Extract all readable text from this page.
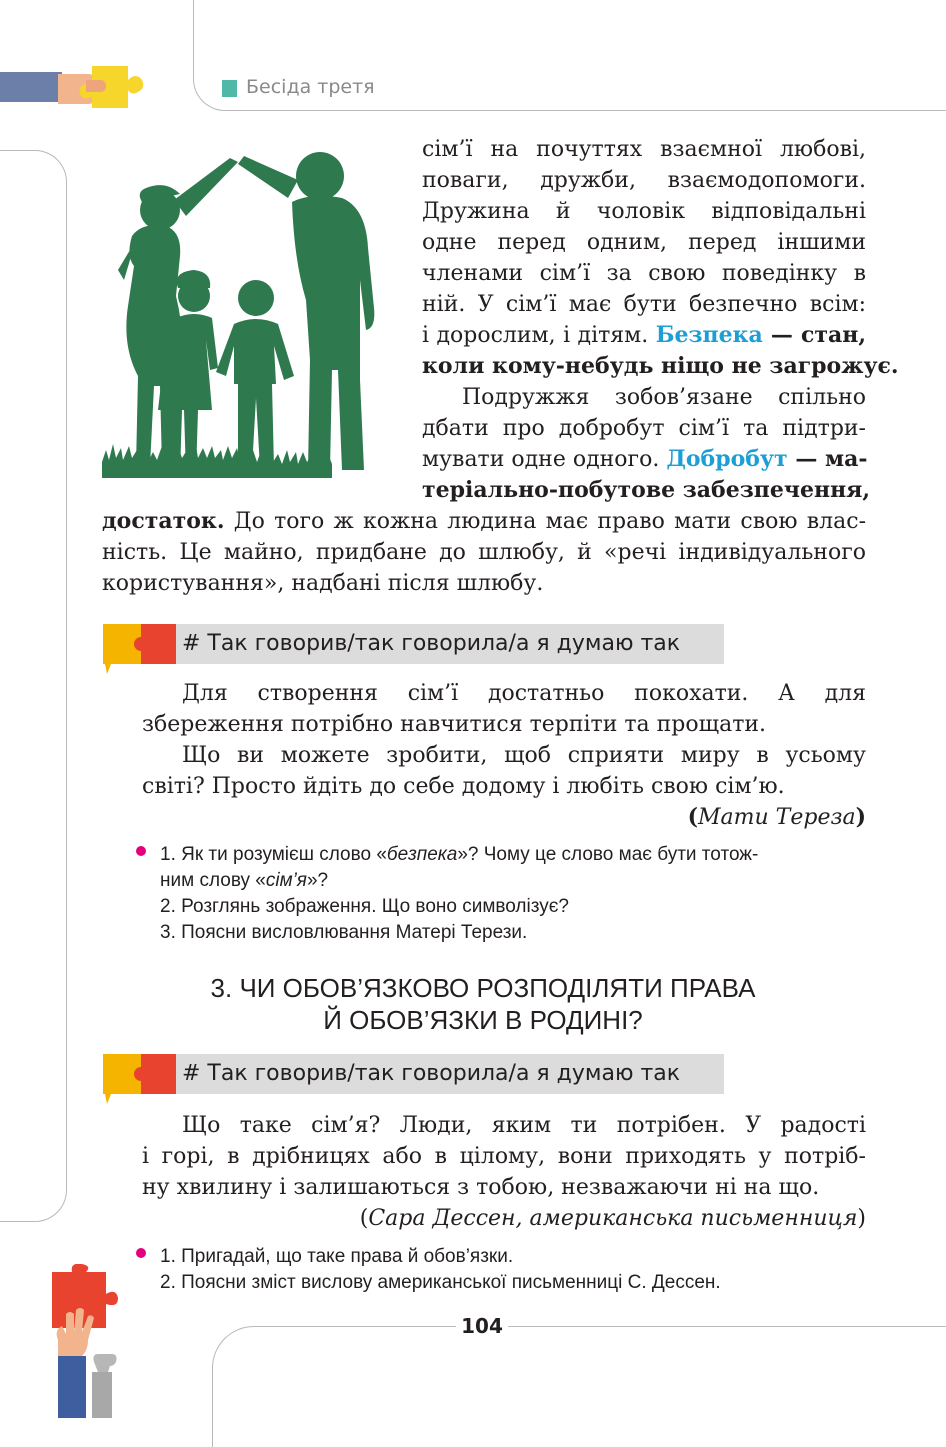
Бесіда третя
сім’ї на почуттях взаємної любові,
поваги, дружби, взаємодопомоги.
Дружина й чоловік відповідальні
одне перед одним, перед іншими
членами сім’ї за свою поведінку в
ній. У сім’ї має бути безпечно всім:
і дорослим, і дітям. Безпека — стан,
коли кому-небудь ніщо не загрожує.
Подружжя зобов’язане спільно
дбати про добробут сім’ї та підтри-
мувати одне одного. Добробут — ма-
теріально-побутове забезпечення,
достаток. До того ж кожна людина має право мати свою влас-
ність. Це майно, придбане до шлюбу, й «речі індивідуального
користування», надбані після шлюбу.
# Так говорив/так говорила/а я думаю так
Для створення сім’ї достатньо покохати. А для
збереження потрібно навчитися терпіти та прощати.
Що ви можете зробити, щоб сприяти миру в усьому
світі? Просто йдіть до себе додому і любіть свою сім’ю.
(Мати Тереза)
1. Як ти розумієш слово «безпека»? Чому це слово має бути тотож-
ним слову «сім’я»?
2. Розглянь зображення. Що воно символізує?
3. Поясни висловлювання Матері Терези.
3. ЧИ ОБОВ’ЯЗКОВО РОЗПОДІЛЯТИ ПРАВА
Й ОБОВ’ЯЗКИ В РОДИНІ?
# Так говорив/так говорила/а я думаю так
Що таке сім’я? Люди, яким ти потрібен. У радості
і горі, в дрібницях або в цілому, вони приходять у потріб-
ну хвилину і залишаються з тобою, незважаючи ні на що.
(Сара Дессен, американська письменниця)
1. Пригадай, що таке права й обов’язки.
2. Поясни зміст вислову американської письменниці С. Дессен.
104
